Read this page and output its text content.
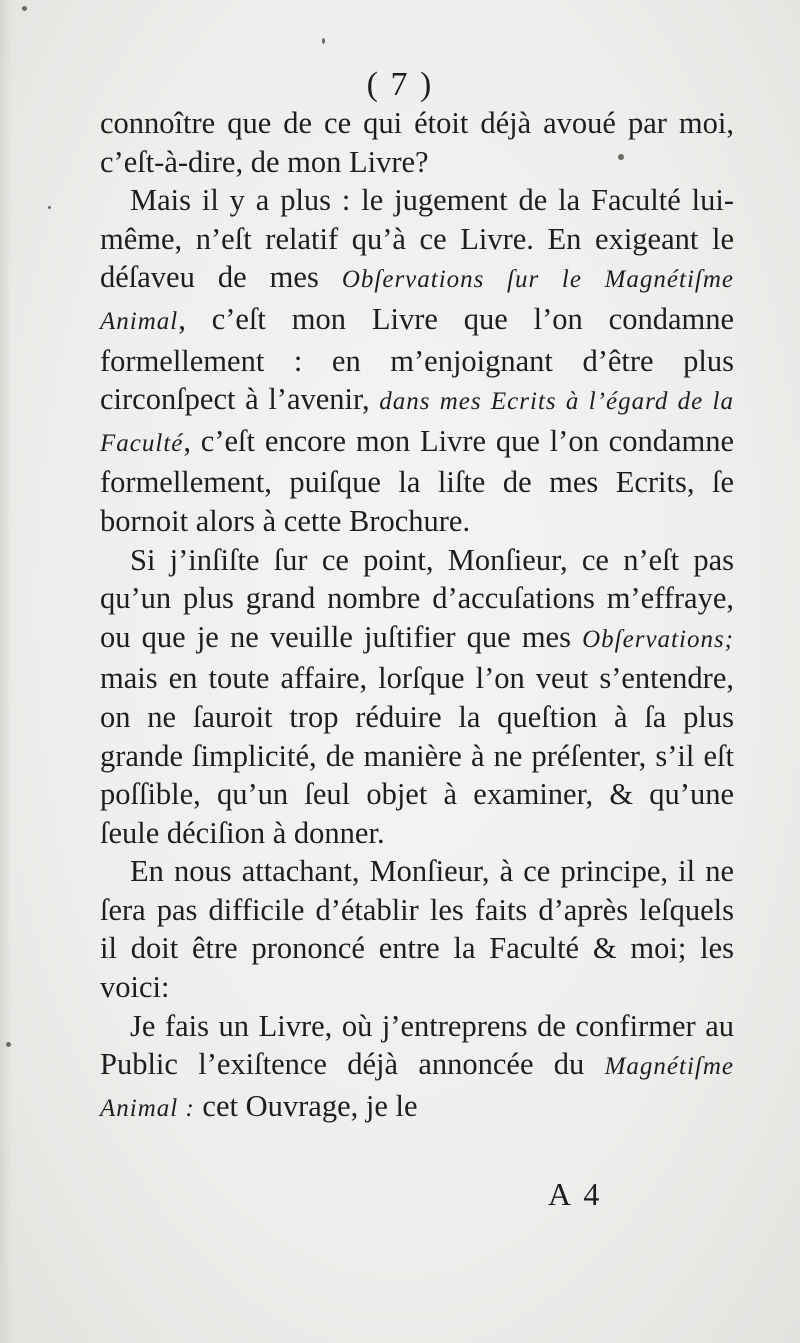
( 7 )

connoître que de ce qui étoit déjà avoué par moi, c’eſt-à-dire, de mon Livre?

Mais il y a plus : le jugement de la Faculté lui-même, n’eſt relatif qu’à ce Livre. En exigeant le déſaveu de mes Obſervations ſur le Magnétiſme Animal, c’eſt mon Livre que l’on condamne formellement : en m’enjoignant d’être plus circonſpect à l’avenir, dans mes Ecrits à l’égard de la Faculté, c’eſt encore mon Livre que l’on condamne formellement, puiſque la liſte de mes Ecrits, ſe bornoit alors à cette Brochure.

Si j’inſiſte ſur ce point, Monſieur, ce n’eſt pas qu’un plus grand nombre d’accuſations m’effraye, ou que je ne veuille juſtifier que mes Obſervations; mais en toute affaire, lorſque l’on veut s’entendre, on ne ſauroit trop réduire la queſtion à ſa plus grande ſimplicité, de manière à ne préſenter, s’il eſt poſſible, qu’un ſeul objet à examiner, & qu’une ſeule déciſion à donner.

En nous attachant, Monſieur, à ce principe, il ne ſera pas difficile d’établir les faits d’après leſquels il doit être prononcé entre la Faculté & moi; les voici:

Je fais un Livre, où j’entreprens de confirmer au Public l’exiſtence déjà annoncée du Magnétiſme Animal : cet Ouvrage, je le

A 4
